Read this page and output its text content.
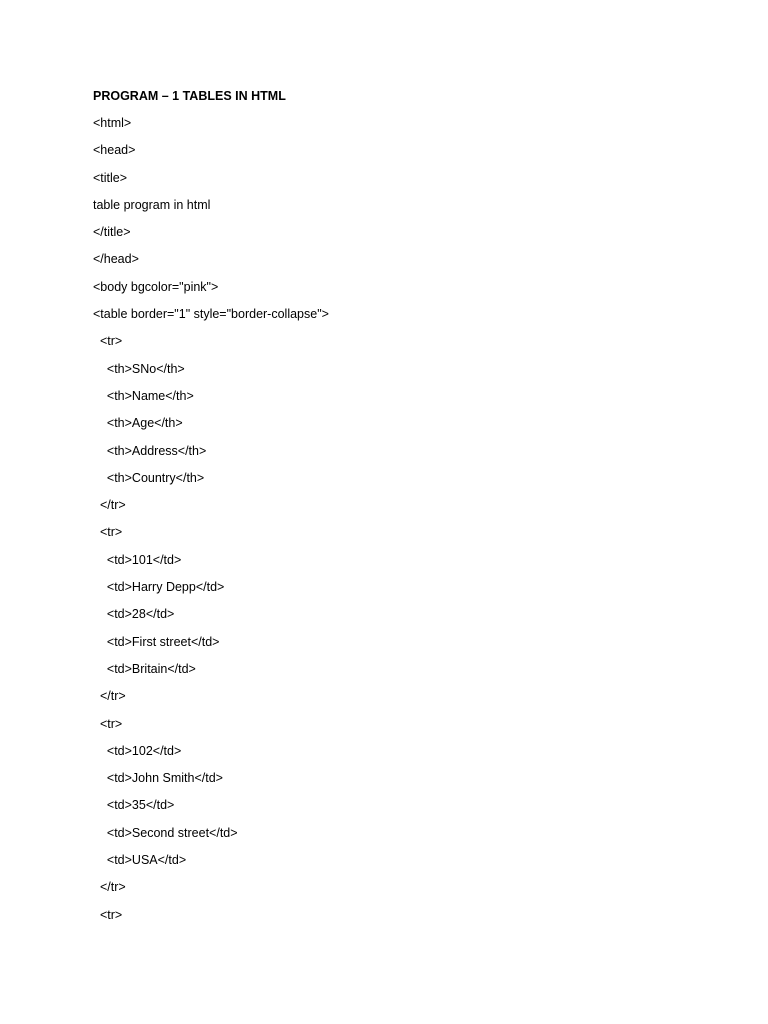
PROGRAM – 1 TABLES IN HTML
<html>
<head>
<title>
table program in html
</title>
</head>
<body bgcolor="pink">
<table border="1" style="border-collapse">
<tr>
<th>SNo</th>
<th>Name</th>
<th>Age</th>
<th>Address</th>
<th>Country</th>
</tr>
<tr>
<td>101</td>
<td>Harry Depp</td>
<td>28</td>
<td>First street</td>
<td>Britain</td>
</tr>
<tr>
<td>102</td>
<td>John Smith</td>
<td>35</td>
<td>Second street</td>
<td>USA</td>
</tr>
<tr>
